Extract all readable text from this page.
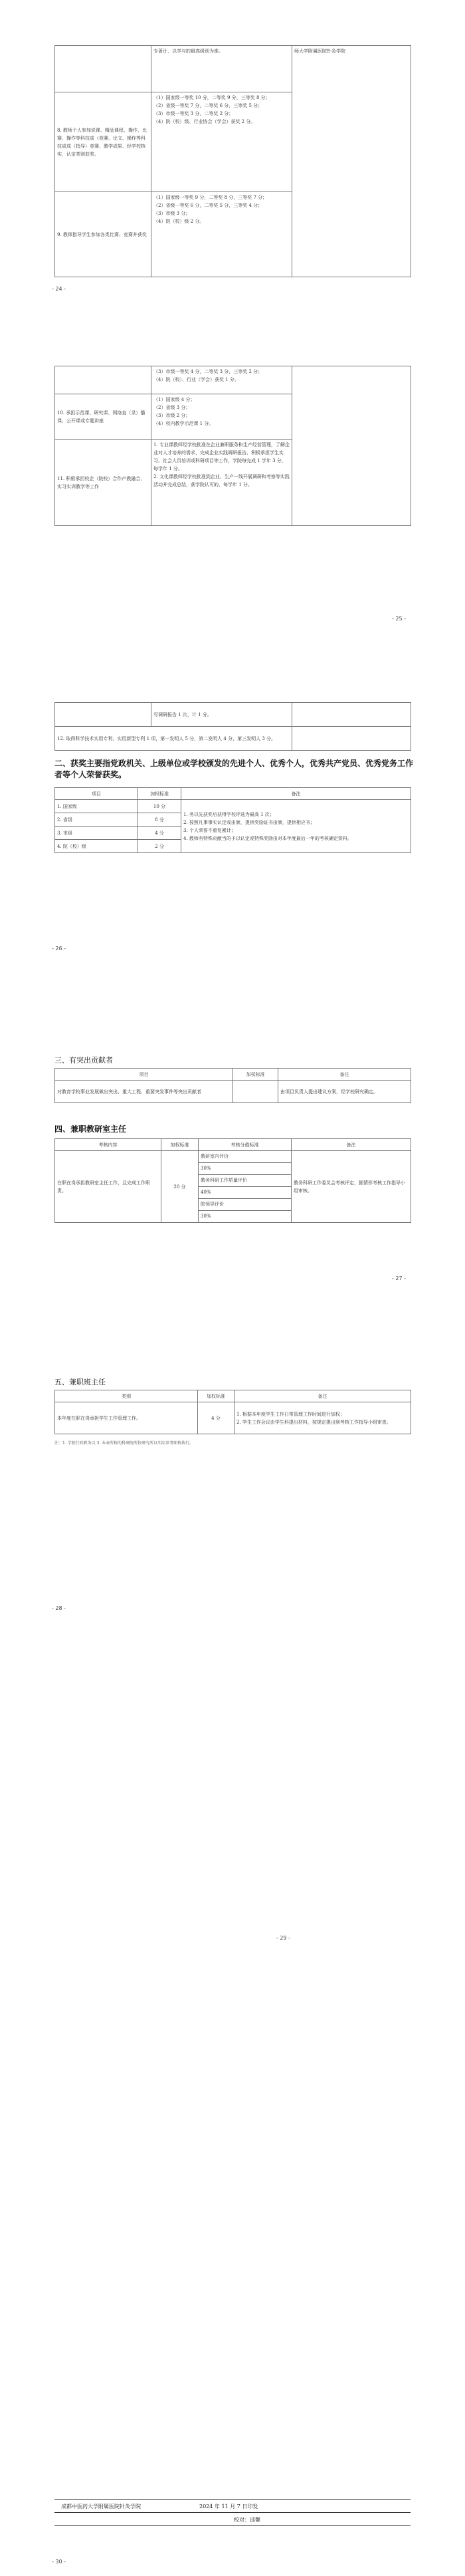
	专著计、以学与的最高级别为准。	师大学附属医院针灸学院
8. 教师个人参加说课、精品课程、操作、比赛、操作等科技成（竞赛、论文、操作等科技成成（指导）竞赛、教学成果、经学校核实，认定类别获奖。	（1）国家级一等奖 10 分，二等奖 9 分，三等奖 8 分；
（2）省级一等奖 7 分，二等奖 6 分，三等奖 5 分；
（3）市级一等奖 3 分，二等奖 2 分；
（4）院（校）级、行业协会（学会）获奖 2 分。	

9. 教师指导学生参加各类比赛、竞赛并获奖	（1）国家级一等奖 9 分，二等奖 8 分，三等奖 7 分；
（2）省级一等奖 6 分，二等奖 5 分，三等奖 4 分；
（3）市级 3 分；
（4）院（校）级 2 分。	
- 24 -

	（3）市级一等奖 4 分，二等奖 3 分，三等奖 2 分；
（4）院（校）、行业（学会）获奖 1 分。	

10. 承担示范课、研究课、网络直（录）播课、公开课或专题讲座	（1）国家级 4 分；
（2）省级 3 分；
（3）市级 2 分；
（4）校内教学示范课 1 分。	

11. 积极承担校企（院校）合作产教融合、实习实训教学等工作	1. 专业课教师经学校批准在企业兼职服务和生产经营管理，了解企业对人才培养的需求，完成企业实践调研报告、积极承担学生实习、社会人员培训或科研项目等工作，学院每完成 1 学年 3 分，每学年 1 分。
2. 文化课教师经学校批准到企业、生产一线开展调研和考察等实践活动并完成总结，获学院认可的，每学年 1 分。	
- 25 -
	写调研报告 1 次，计 1 分。	
12. 取得科学技术实用专利、实用新型专利 1 项，第一发明人 5 分，第二发明人 4 分，第三发明人 3 分。		
二、获奖主要指党政机关、上级单位或学校颁发的先进个人、优秀个人，优秀共产党员、优秀党务工作者等个人荣誉获奖。
项目	加权标准	备注
1. 国家级	10 分	1. 务以先获奖后获得学校评选为最高 1 次；
2. 按照凡事事实认定或由颁，提供奖励证书由颁，提供相应书；
3. 个人荣誉不重复累计；
4. 教师有特殊贡献当的予以认定或特殊奖励由对本年度最后一年的考核确定资料。

2. 省级	8 分	
3. 市级	4 分	
4. 院（校）级	2 分	
- 26 -
三、有突出贡献者
项目	加权标准	备注
对教育学校事业发展做出突出、重大工程、重要突发事件等突出贡献者		由项目负责人提出建议方案，经学校研究确定。
四、兼职教研室主任
考核内容	加权标准	考核分值标准	备注
在职在岗承担教研室主任工作，且完成工作职责。	20 分	教研室内评价	教务科研工作委员会考核评定，据情形考核工作指导小组审核。
		30%	
		教务科研工作质量评价	
		40%	
		院领导评价	
		30%	
- 27 -
五、兼职班主任
类别	加权标准	备注
本年度在职在岗承担学生工作管理工作。	4 分	1. 根据本年度学生工作日常管理工作时间进行加权；
2. 学生工作会议由学生科提出材料，按规定提出到考核工作指导小组审查。
注：1. 学院行政职务以 3. 本表所称的科研院所按研究所以实际参考职称执行。
- 28 -
- 29 -
成都中医药大学附属医院针灸学院	2024 年 11 月 7 日印发
校对：邱馨
- 30 -
